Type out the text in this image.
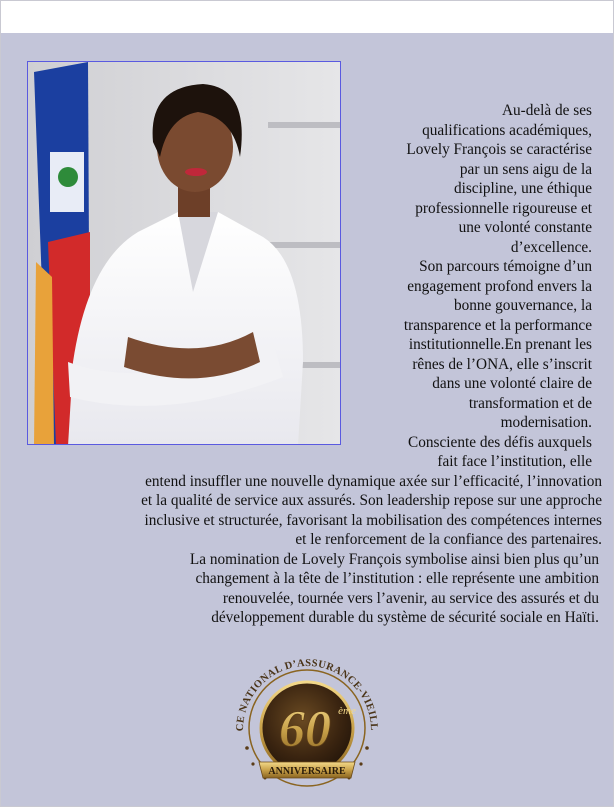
Au-delà de ses
qualifications académiques,
Lovely François se caractérise
par un sens aigu de la
discipline, une éthique
professionnelle rigoureuse et
une volonté constante
d’excellence.
Son parcours témoigne d’un
engagement profond envers la
bonne gouvernance, la
transparence et la performance
institutionnelle.En prenant les
rênes de l’ONA, elle s’inscrit
dans une volonté claire de
transformation et de
modernisation.
Consciente des défis auxquels
fait face l’institution, elle
entend insuffler une nouvelle dynamique axée sur l’efficacité, l’innovation
et la qualité de service aux assurés. Son leadership repose sur une approche
inclusive et structurée, favorisant la mobilisation des compétences internes
et le renforcement de la confiance des partenaires.
La nomination de Lovely François symbolise ainsi bien plus qu’un
changement à la tête de l’institution : elle représente une ambition
renouvelée, tournée vers l’avenir, au service des assurés et du
développement durable du système de sécurité sociale en Haïti.
CE NATIONAL D’ASSURANCE-VIEILL
60 ème
ANNIVERSAIRE
